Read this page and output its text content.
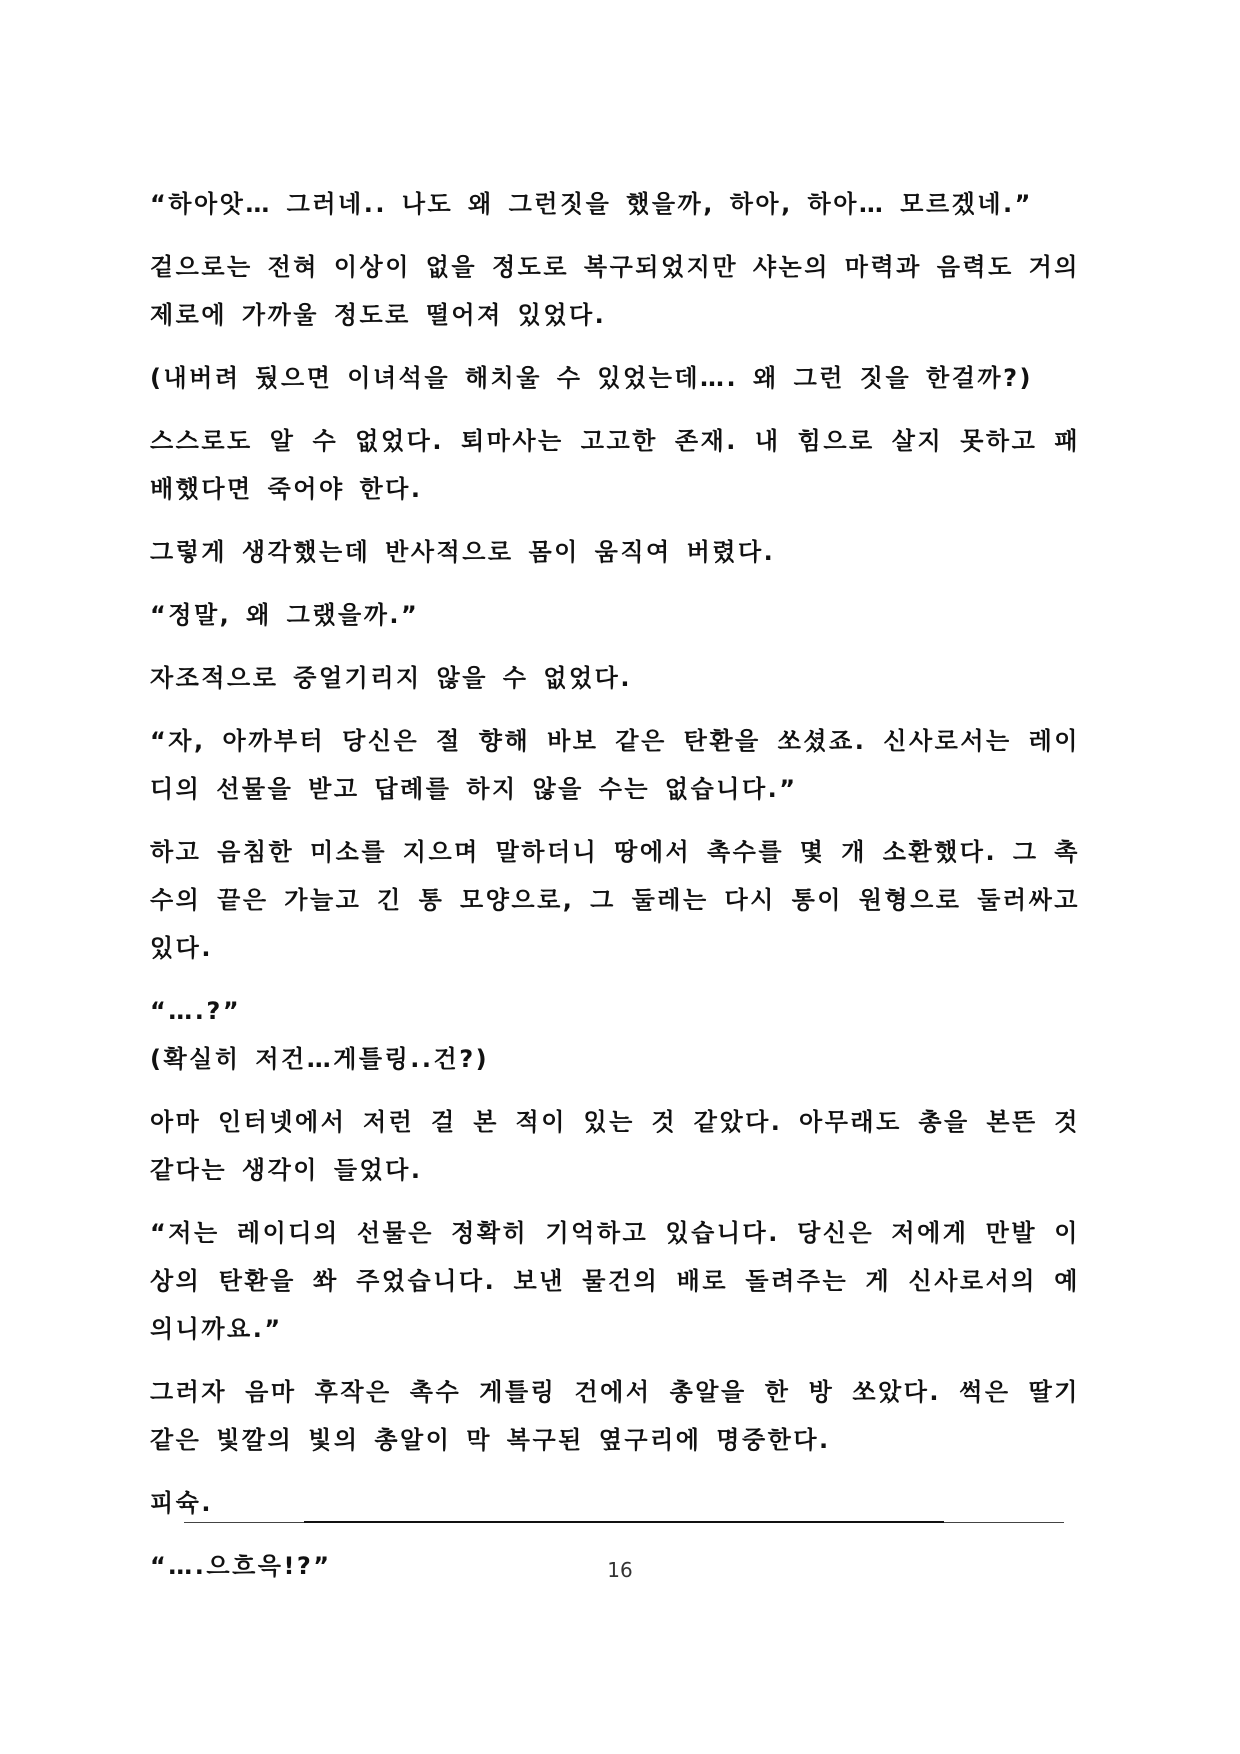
“하아앗… 그러네.. 나도 왜 그런짓을 했을까, 하아, 하아… 모르겠네.”

겉으로는 전혀 이상이 없을 정도로 복구되었지만 샤논의 마력과 음력도 거의 제로에 가까울 정도로 떨어져 있었다.

(내버려 뒀으면 이녀석을 해치울 수 있었는데…. 왜 그런 짓을 한걸까?)

스스로도 알 수 없었다. 퇴마사는 고고한 존재. 내 힘으로 살지 못하고 패배했다면 죽어야 한다.

그렇게 생각했는데 반사적으로 몸이 움직여 버렸다.

“정말, 왜 그랬을까.”

자조적으로 중얼기리지 않을 수 없었다.

“자, 아까부터 당신은 절 향해 바보 같은 탄환을 쏘셨죠. 신사로서는 레이디의 선물을 받고 답례를 하지 않을 수는 없습니다.”

하고 음침한 미소를 지으며 말하더니 땅에서 촉수를 몇 개 소환했다. 그 촉수의 끝은 가늘고 긴 통 모양으로, 그 둘레는 다시 통이 원형으로 둘러싸고 있다.

“….?”

(확실히 저건…게틀링..건?)

아마 인터넷에서 저런 걸 본 적이 있는 것 같았다. 아무래도 총을 본뜬 것 같다는 생각이 들었다.

“저는 레이디의 선물은 정확히 기억하고 있습니다. 당신은 저에게 만발 이상의 탄환을 쏴 주었습니다. 보낸 물건의 배로 돌려주는 게 신사로서의 예의니까요.”

그러자 음마 후작은 촉수 게틀링 건에서 총알을 한 방 쏘았다. 썩은 딸기 같은 빛깔의 빛의 총알이 막 복구된 옆구리에 명중한다.

피슉.

“….으흐윽!?”	16
